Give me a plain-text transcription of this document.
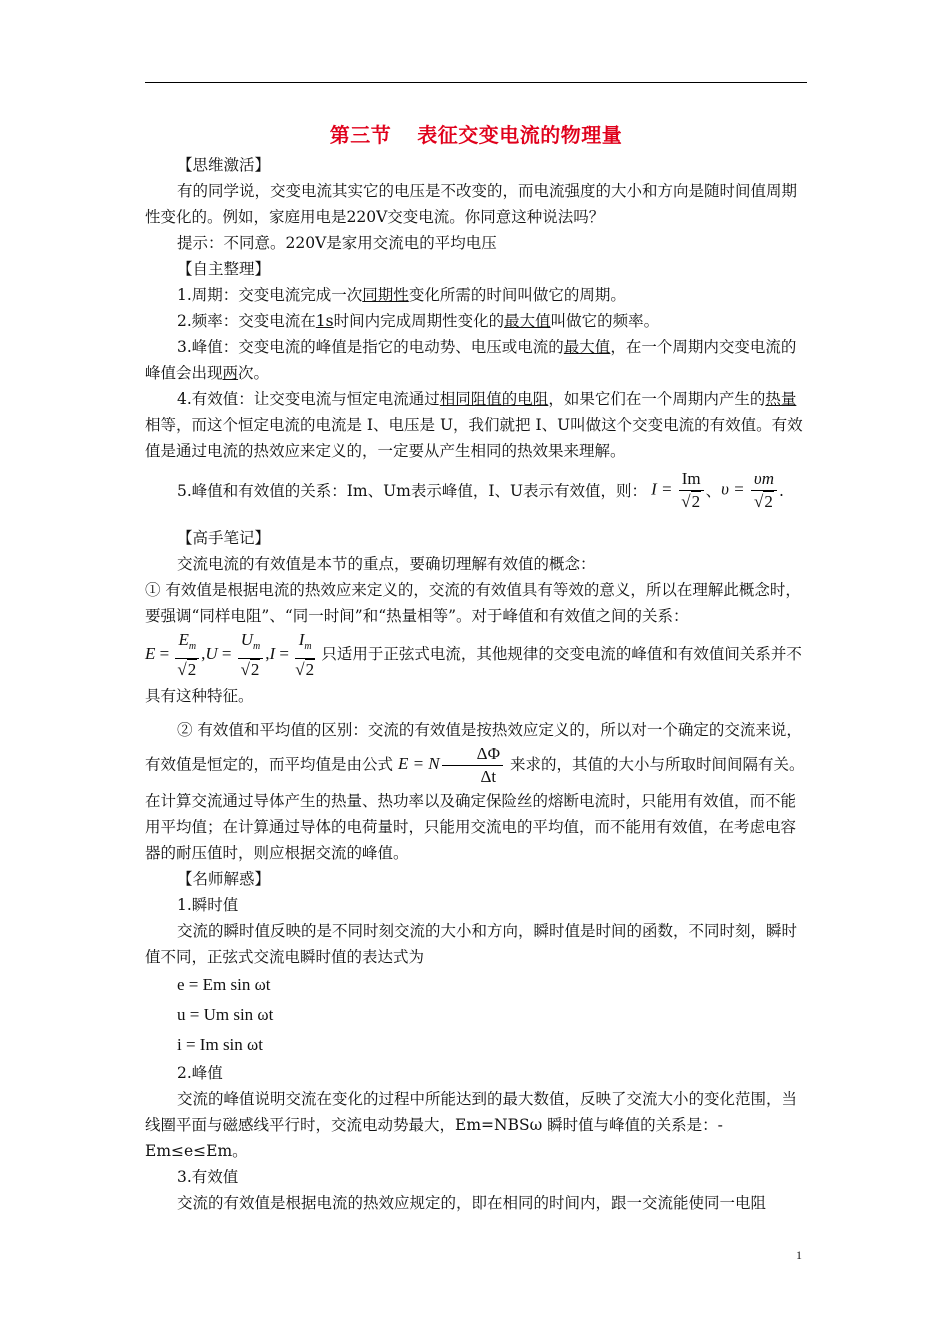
第三节 表征交变电流的物理量

【思维激活】

有的同学说，交变电流其实它的电压是不改变的，而电流强度的大小和方向是随时间值周期性变化的。例如，家庭用电是220V交变电流。你同意这种说法吗？

提示：不同意。220V是家用交流电的平均电压

【自主整理】

1.周期：交变电流完成一次同期性变化所需的时间叫做它的周期。

2.频率：交变电流在1s时间内完成周期性变化的最大值叫做它的频率。

3.峰值：交变电流的峰值是指它的电动势、电压或电流的最大值，在一个周期内交变电流的峰值会出现两次。

4.有效值：让交变电流与恒定电流通过相同阻值的电阻，如果它们在一个周期内产生的热量相等，而这个恒定电流的电流是 I、电压是 U，我们就把 I、U叫做这个交变电流的有效值。有效值是通过电流的热效应来定义的，一定要从产生相同的热效果来理解。

5.峰值和有效值的关系：Im、Um表示峰值，I、U表示有效值，则： $I = \frac{Im}{√2}$ 、 $\upsilon = \frac{\upsilon m}{√2}$ .

【高手笔记】

交流电流的有效值是本节的重点，要确切理解有效值的概念：

① 有效值是根据电流的热效应来定义的，交流的有效值具有等效的意义，所以在理解此概念时，要强调“同样电阻”、“同一时间”和“热量相等”。对于峰值和有效值之间的关系：

$E = \frac{E_m}{√2} ,U = \frac{U_m}{√2} ,I = \frac{I_m}{√2}$ 只适用于正弦式电流，其他规律的交变电流的峰值和有效值间关系并不具有这种特征。

② 有效值和平均值的区别：交流的有效值是按热效应定义的，所以对一个确定的交流来说，有效值是恒定的，而平均值是由公式 E = N $\frac{\Delta\Phi}{\Delta t}$ 来求的，其值的大小与所取时间间隔有关。在计算交流通过导体产生的热量、热功率以及确定保险丝的熔断电流时，只能用有效值，而不能用平均值；在计算通过导体的电荷量时，只能用交流电的平均值，而不能用有效值，在考虑电容器的耐压值时，则应根据交流的峰值。

【名师解惑】

1.瞬时值

交流的瞬时值反映的是不同时刻交流的大小和方向，瞬时值是时间的函数，不同时刻，瞬时值不同，正弦式交流电瞬时值的表达式为

e = Em sin ωt
u = Um sin ωt
i = Im sin ωt

2.峰值

交流的峰值说明交流在变化的过程中所能达到的最大数值，反映了交流大小的变化范围，当线圈平面与磁感线平行时，交流电动势最大，Em=NBSω 瞬时值与峰值的关系是：-Em≤e≤Em。

3.有效值

交流的有效值是根据电流的热效应规定的，即在相同的时间内，跟一交流能使同一电阻

1
